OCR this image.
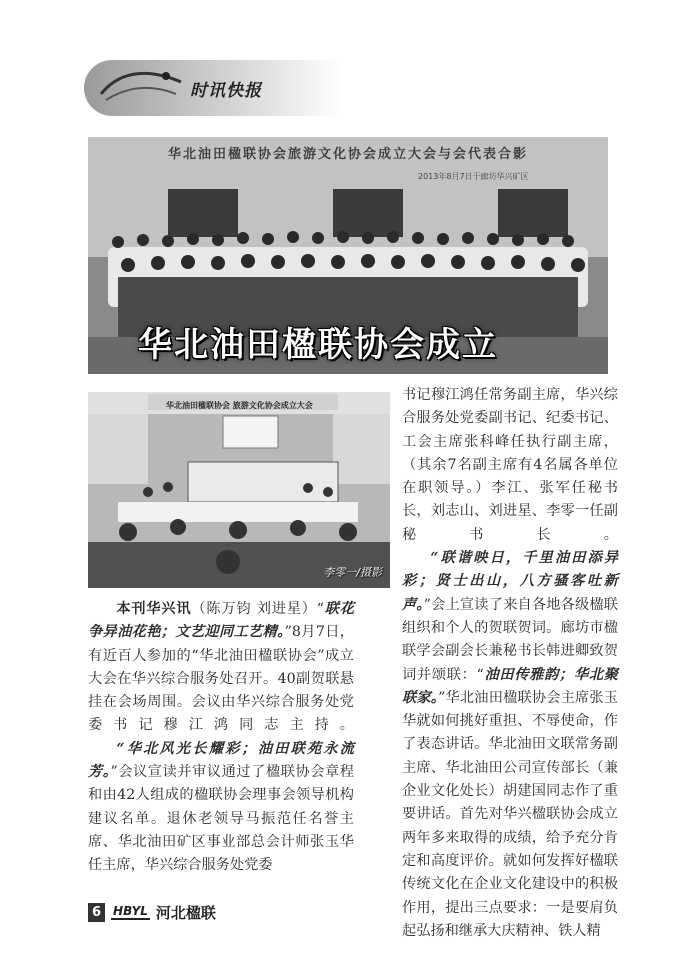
时讯快报
华北油田楹联协会旅游文化协会成立大会与会代表合影
2013年8月7日于廊坊华兴矿区
华北油田楹联协会成立
华北油田楹联协会 旅游文化协会成立大会
李零一/摄影

书记穆江鸿任常务副主席，华兴综合服务处党委副书记、纪委书记、工会主席张科峰任执行副主席，（其余7名副主席有4名属各单位在职领导。）李江、张军任秘书长，刘志山、刘进星、李零一任副秘书长。

“联谐映日，千里油田添异彩；贤士出山，八方骚客吐新声。”会上宣读了来自各地各级楹联组织和个人的贺联贺词。廊坊市楹联学会副会长兼秘书长韩进卿致贺词并颂联：“油田传雅韵；华北聚联家。”华北油田楹联协会主席张玉华就如何挑好重担、不辱使命，作了表态讲话。华北油田文联常务副主席、华北油田公司宣传部长（兼企业文化处长）胡建国同志作了重要讲话。首先对华兴楹联协会成立两年多来取得的成绩，给予充分肯定和高度评价。就如何发挥好楹联传统文化在企业文化建设中的积极作用，提出三点要求：一是要肩负起弘扬和继承大庆精神、铁人精

本刊华兴讯（陈万钧 刘进星）“联花争异油花艳；文艺迎同工艺精。”8月7日，有近百人参加的“华北油田楹联协会”成立大会在华兴综合服务处召开。40副贺联悬挂在会场周围。会议由华兴综合服务处党委书记穆江鸿同志主持。

“华北风光长耀彩；油田联苑永流芳。”会议宣读并审议通过了楹联协会章程和由42人组成的楹联协会理事会领导机构建议名单。退休老领导马振范任名誉主席、华北油田矿区事业部总会计师张玉华任主席，华兴综合服务处党委

6	HBYL 河北楹联
